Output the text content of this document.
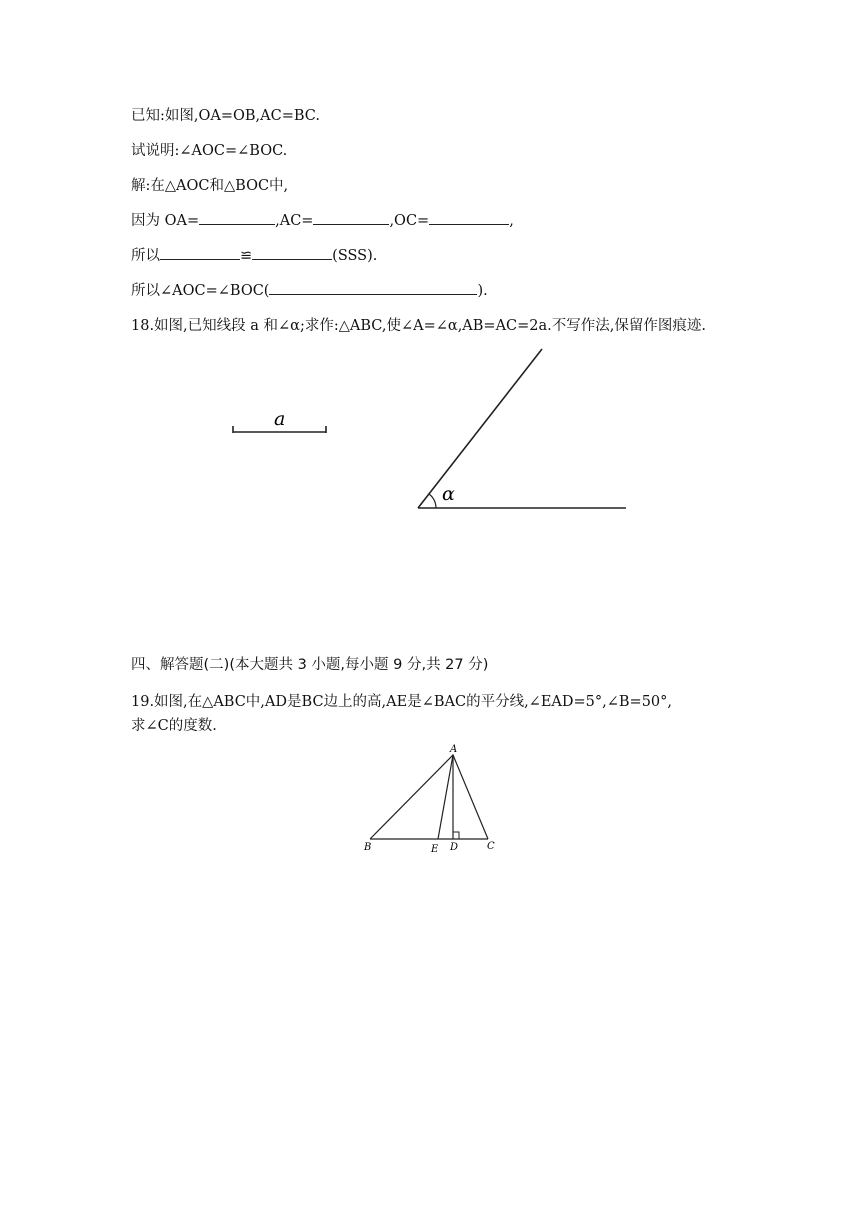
已知:如图,OA=OB,AC=BC.
试说明:∠AOC=∠BOC.
解:在△AOC和△BOC中,
因为 OA=	,AC=	,OC=	,
所以	≌	(SSS).
所以∠AOC=∠BOC(	).
18.如图,已知线段 a 和∠α;求作:△ABC,使∠A=∠α,AB=AC=2a.不写作法,保留作图痕迹.
a
α
四、解答题(二)(本大题共 3 小题,每小题 9 分,共 27 分)
19.如图,在△ABC中,AD是BC边上的高,AE是∠BAC的平分线,∠EAD=5°,∠B=50°,
求∠C的度数.
A
B	C
D
E
